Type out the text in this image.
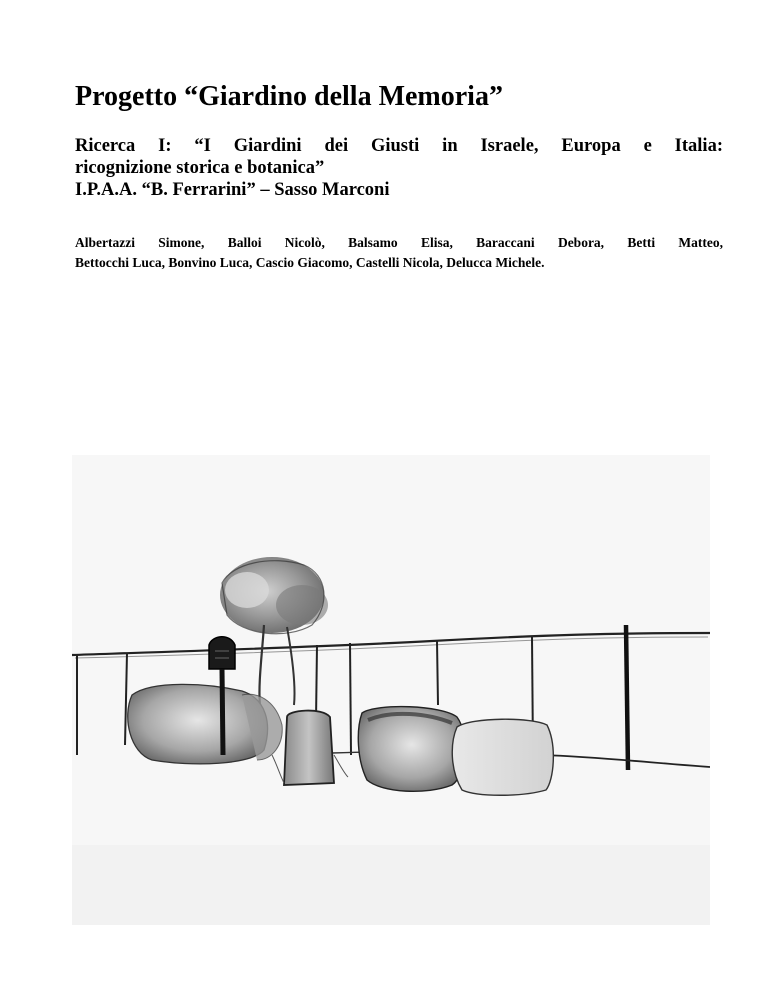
Progetto “Giardino della Memoria”
Ricerca I: “I Giardini dei Giusti in Israele, Europa e Italia:
ricognizione storica e botanica”
I.P.A.A. “B. Ferrarini” – Sasso Marconi
Albertazzi Simone, Balloi Nicolò, Balsamo Elisa, Baraccani Debora, Betti Matteo,
Bettocchi Luca, Bonvino Luca, Cascio Giacomo, Castelli Nicola, Delucca Michele.
